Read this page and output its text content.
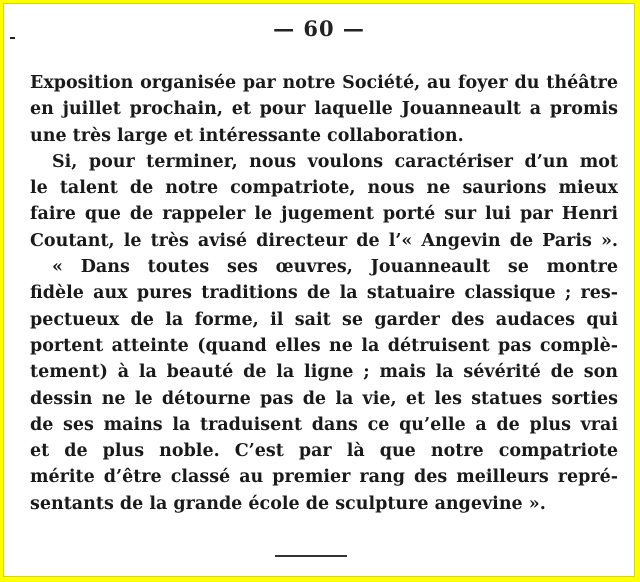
— 60 —
Exposition organisée par notre Société, au foyer du théâtre
en juillet prochain, et pour laquelle Jouanneault a promis
une très large et intéressante collaboration.
Si, pour terminer, nous voulons caractériser d’un mot
le talent de notre compatriote, nous ne saurions mieux
faire que de rappeler le jugement porté sur lui par Henri
Coutant, le très avisé directeur de l’« Angevin de Paris ».
« Dans toutes ses œuvres, Jouanneault se montre
fidèle aux pures traditions de la statuaire classique ; res-
pectueux de la forme, il sait se garder des audaces qui
portent atteinte (quand elles ne la détruisent pas complè-
tement) à la beauté de la ligne ; mais la sévérité de son
dessin ne le détourne pas de la vie, et les statues sorties
de ses mains la traduisent dans ce qu’elle a de plus vrai
et de plus noble. C’est par là que notre compatriote
mérite d’être classé au premier rang des meilleurs repré-
sentants de la grande école de sculpture angevine ».
